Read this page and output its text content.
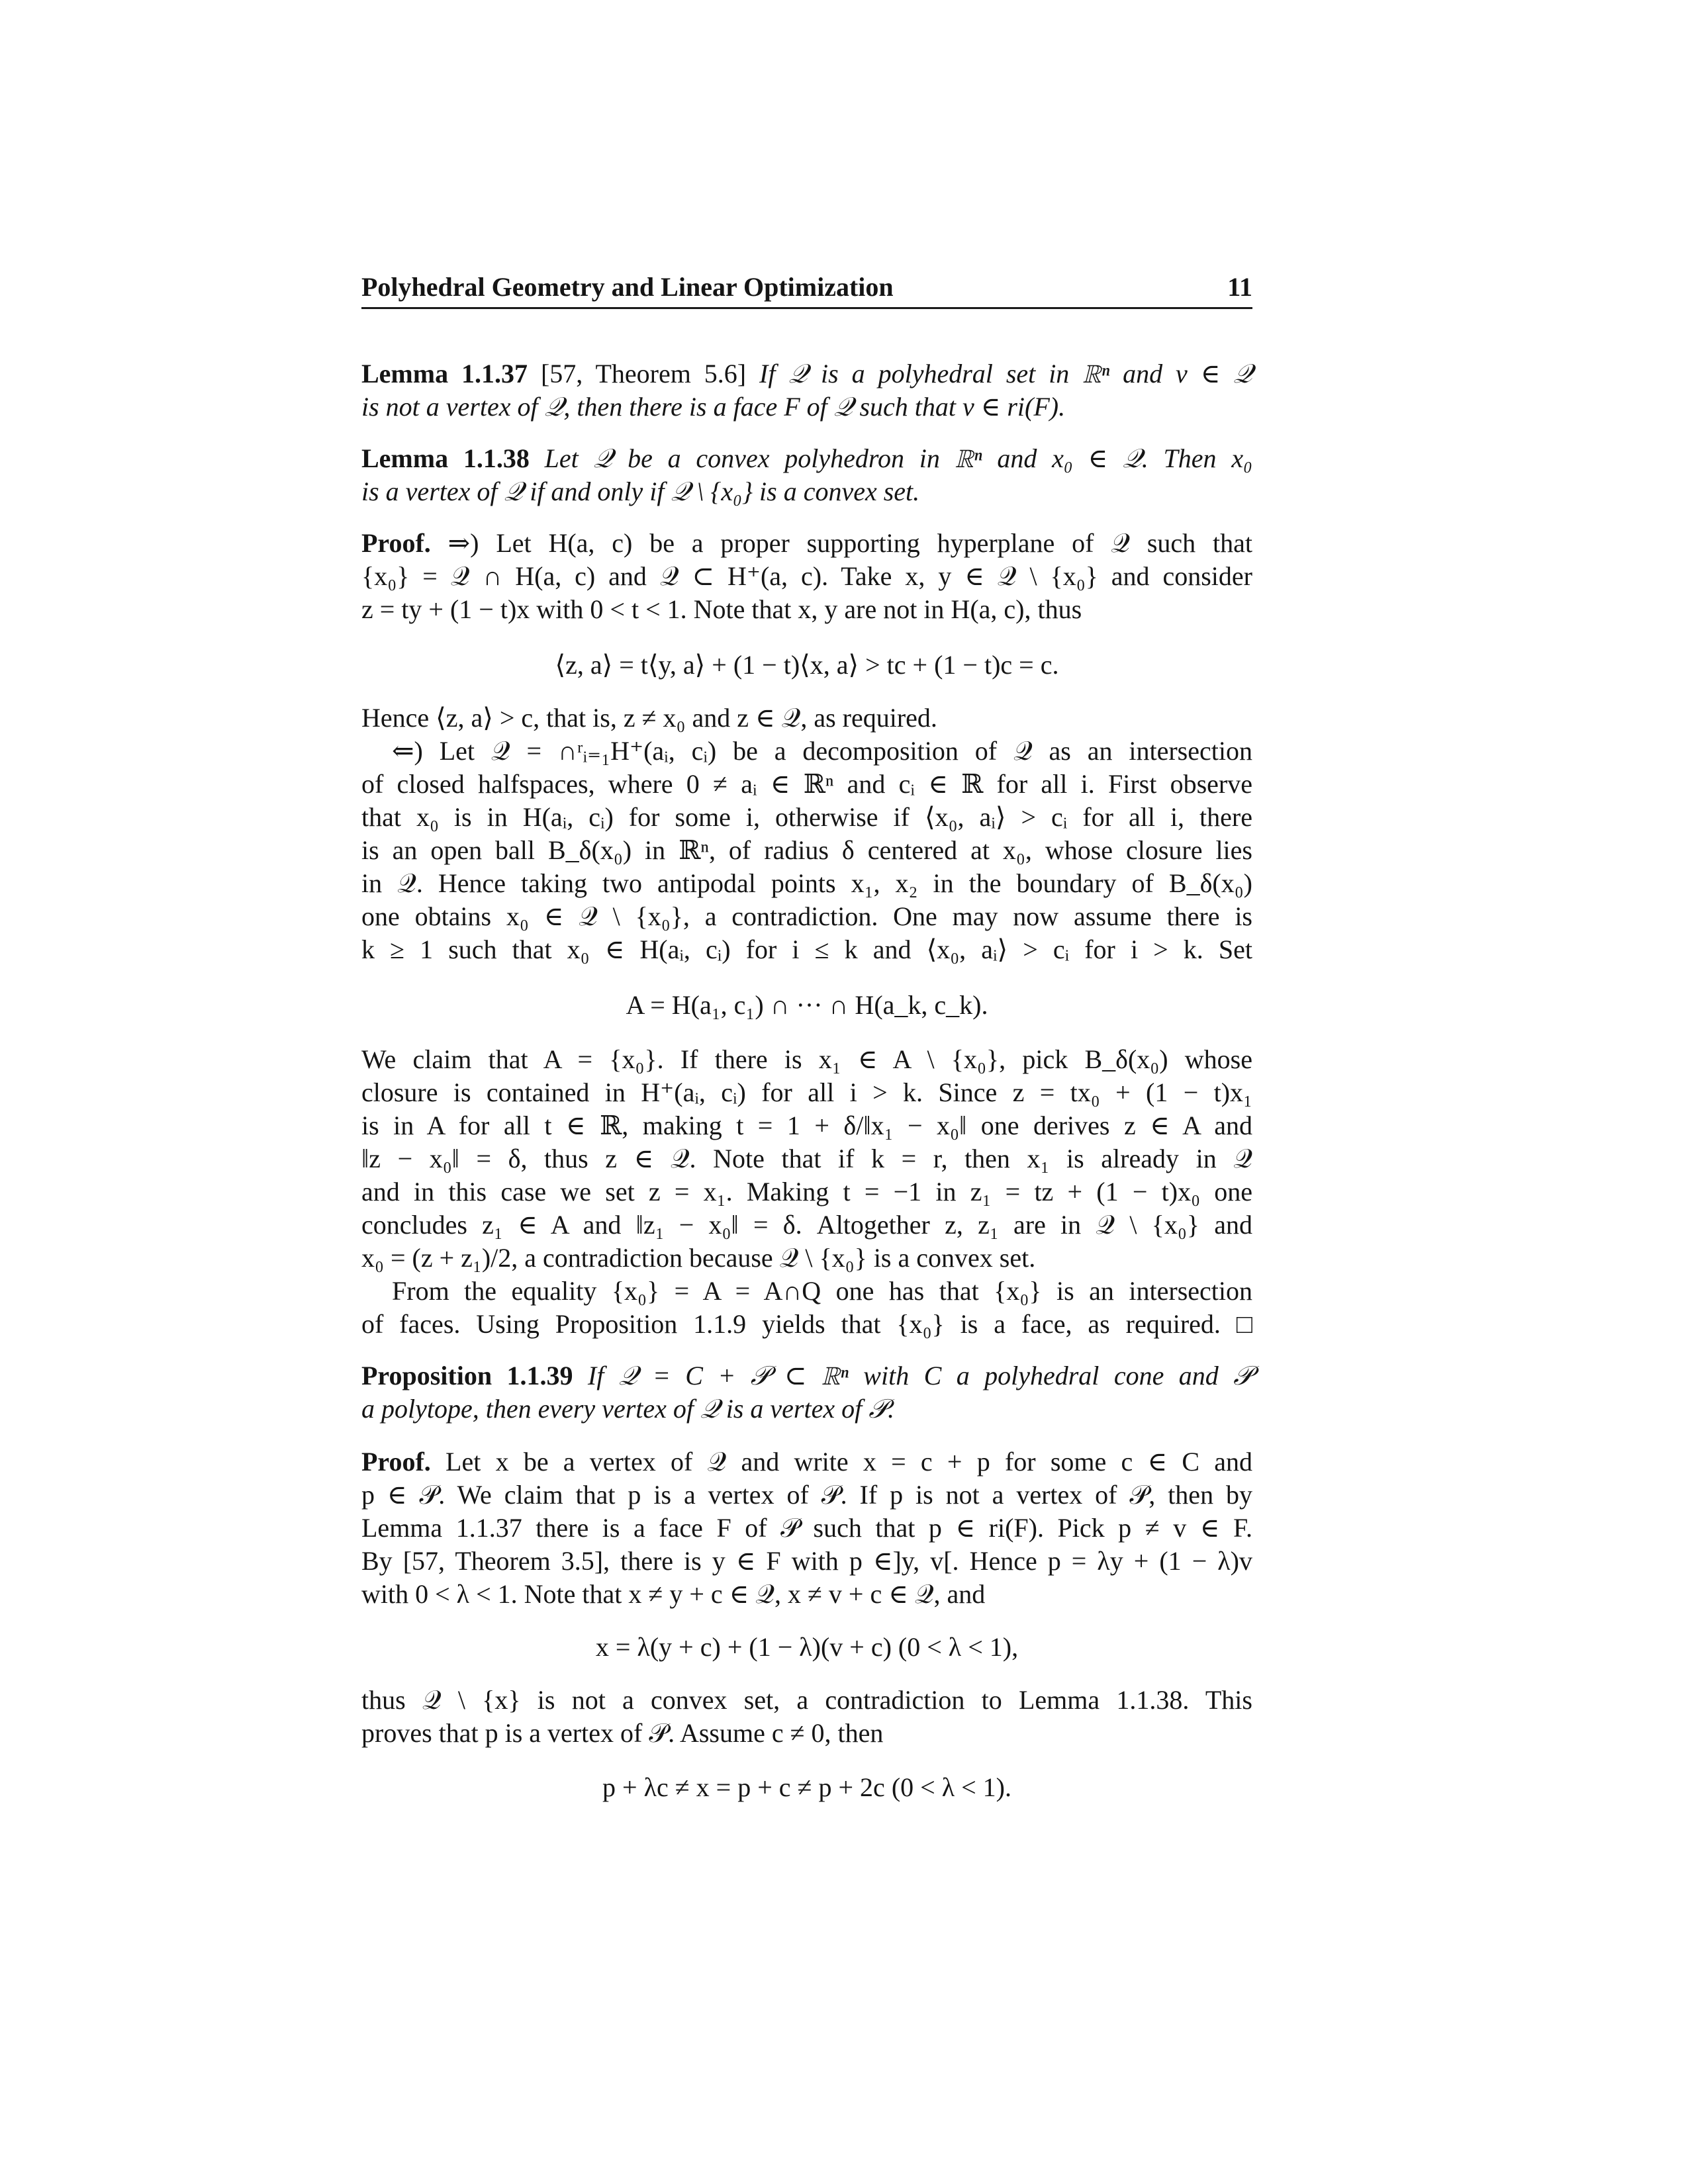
Polyhedral Geometry and Linear Optimization	11
Lemma 1.1.37 [57, Theorem 5.6] If 𝒬 is a polyhedral set in ℝⁿ and v ∈ 𝒬
is not a vertex of 𝒬, then there is a face F of 𝒬 such that v ∈ ri(F).
Lemma 1.1.38 Let 𝒬 be a convex polyhedron in ℝⁿ and x₀ ∈ 𝒬. Then x₀
is a vertex of 𝒬 if and only if 𝒬 \ {x₀} is a convex set.
Proof. ⇒) Let H(a, c) be a proper supporting hyperplane of 𝒬 such that
{x₀} = 𝒬 ∩ H(a, c) and 𝒬 ⊂ H⁺(a, c). Take x, y ∈ 𝒬 \ {x₀} and consider
z = ty + (1 − t)x with 0 < t < 1. Note that x, y are not in H(a, c), thus
⟨z, a⟩ = t⟨y, a⟩ + (1 − t)⟨x, a⟩ > tc + (1 − t)c = c.
Hence ⟨z, a⟩ > c, that is, z ≠ x₀ and z ∈ 𝒬, as required.
⇐) Let 𝒬 = ∩ʳᵢ₌₁H⁺(aᵢ, cᵢ) be a decomposition of 𝒬 as an intersection
of closed halfspaces, where 0 ≠ aᵢ ∈ ℝⁿ and cᵢ ∈ ℝ for all i. First observe
that x₀ is in H(aᵢ, cᵢ) for some i, otherwise if ⟨x₀, aᵢ⟩ > cᵢ for all i, there
is an open ball B_δ(x₀) in ℝⁿ, of radius δ centered at x₀, whose closure lies
in 𝒬. Hence taking two antipodal points x₁, x₂ in the boundary of B_δ(x₀)
one obtains x₀ ∈ 𝒬 \ {x₀}, a contradiction. One may now assume there is
k ≥ 1 such that x₀ ∈ H(aᵢ, cᵢ) for i ≤ k and ⟨x₀, aᵢ⟩ > cᵢ for i > k. Set
A = H(a₁, c₁) ∩ ··· ∩ H(a_k, c_k).
We claim that A = {x₀}. If there is x₁ ∈ A \ {x₀}, pick B_δ(x₀) whose
closure is contained in H⁺(aᵢ, cᵢ) for all i > k. Since z = tx₀ + (1 − t)x₁
is in A for all t ∈ ℝ, making t = 1 + δ/‖x₁ − x₀‖ one derives z ∈ A and
‖z − x₀‖ = δ, thus z ∈ 𝒬. Note that if k = r, then x₁ is already in 𝒬
and in this case we set z = x₁. Making t = −1 in z₁ = tz + (1 − t)x₀ one
concludes z₁ ∈ A and ‖z₁ − x₀‖ = δ. Altogether z, z₁ are in 𝒬 \ {x₀} and
x₀ = (z + z₁)/2, a contradiction because 𝒬 \ {x₀} is a convex set.
From the equality {x₀} = A = A∩Q one has that {x₀} is an intersection
of faces. Using Proposition 1.1.9 yields that {x₀} is a face, as required. □
Proposition 1.1.39 If 𝒬 = C + 𝒫 ⊂ ℝⁿ with C a polyhedral cone and 𝒫
a polytope, then every vertex of 𝒬 is a vertex of 𝒫.
Proof. Let x be a vertex of 𝒬 and write x = c + p for some c ∈ C and
p ∈ 𝒫. We claim that p is a vertex of 𝒫. If p is not a vertex of 𝒫, then by
Lemma 1.1.37 there is a face F of 𝒫 such that p ∈ ri(F). Pick p ≠ v ∈ F.
By [57, Theorem 3.5], there is y ∈ F with p ∈]y, v[. Hence p = λy + (1 − λ)v
with 0 < λ < 1. Note that x ≠ y + c ∈ 𝒬, x ≠ v + c ∈ 𝒬, and
x = λ(y + c) + (1 − λ)(v + c) (0 < λ < 1),
thus 𝒬 \ {x} is not a convex set, a contradiction to Lemma 1.1.38. This
proves that p is a vertex of 𝒫. Assume c ≠ 0, then
p + λc ≠ x = p + c ≠ p + 2c (0 < λ < 1).
